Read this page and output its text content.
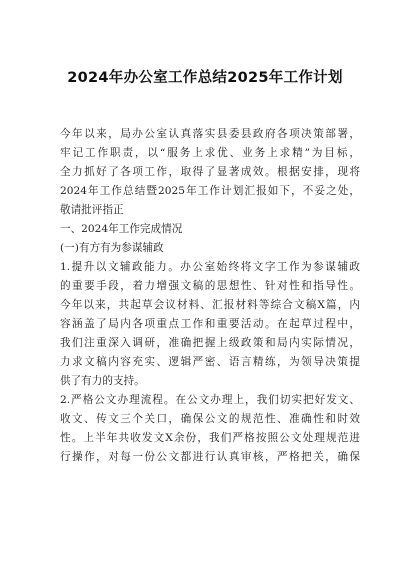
2024年办公室工作总结2025年工作计划
今年以来，局办公室认真落实县委县政府各项决策部署，
牢记工作职责，以“服务上求优、业务上求精”为目标，
全力抓好了各项工作，取得了显著成效。根据安排，现将
2024年工作总结暨2025年工作计划汇报如下，不妥之处，
敬请批评指正
一、2024年工作完成情况
(一)有方有为参谋辅政
1.提升以文辅政能力。办公室始终将文字工作为参谋辅政
的重要手段，着力增强文稿的思想性、针对性和指导性。
今年以来，共起草会议材料、汇报材料等综合文稿X篇，内
容涵盖了局内各项重点工作和重要活动。在起草过程中，
我们注重深入调研，准确把握上级政策和局内实际情况，
力求文稿内容充实、逻辑严密、语言精练，为领导决策提
供了有力的支持。
2.严格公文办理流程。在公文办理上，我们切实把好发文、
收文、传文三个关口，确保公文的规范性、准确性和时效
性。上半年共收发文X余份，我们严格按照公文处理规范进
行操作，对每一份公文都进行认真审核，严格把关，确保
